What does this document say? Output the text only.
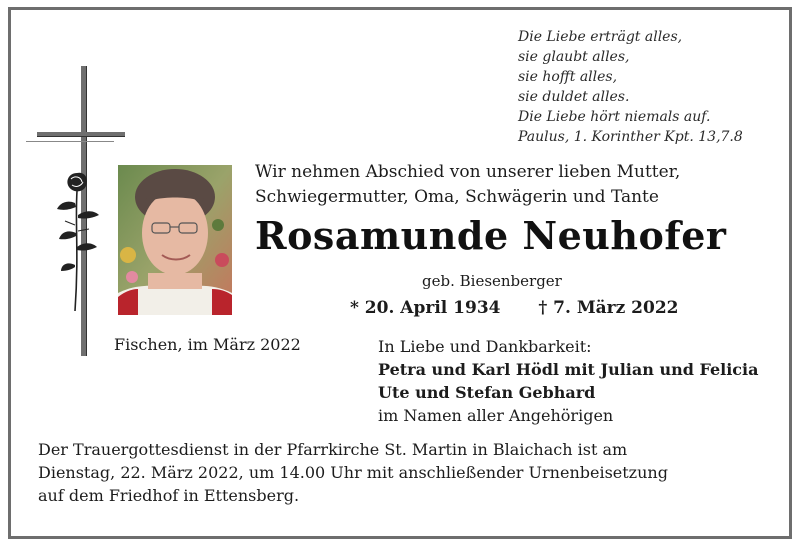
Die Liebe erträgt alles,
sie glaubt alles,
sie hofft alles,
sie duldet alles.
Die Liebe hört niemals auf.
Paulus, 1. Korinther Kpt. 13,7.8
Wir nehmen Abschied von unserer lieben Mutter,
Schwiegermutter, Oma, Schwägerin und Tante
Rosamunde Neuhofer
geb. Biesenberger
* 20. April 1934 † 7. März 2022
Fischen, im März 2022	In Liebe und Dankbarkeit:
Petra und Karl Hödl mit Julian und Felicia
Ute und Stefan Gebhard
im Namen aller Angehörigen
Der Trauergottesdienst in der Pfarrkirche St. Martin in Blaichach ist am
Dienstag, 22. März 2022, um 14.00 Uhr mit anschließender Urnenbeisetzung
auf dem Friedhof in Ettensberg.
